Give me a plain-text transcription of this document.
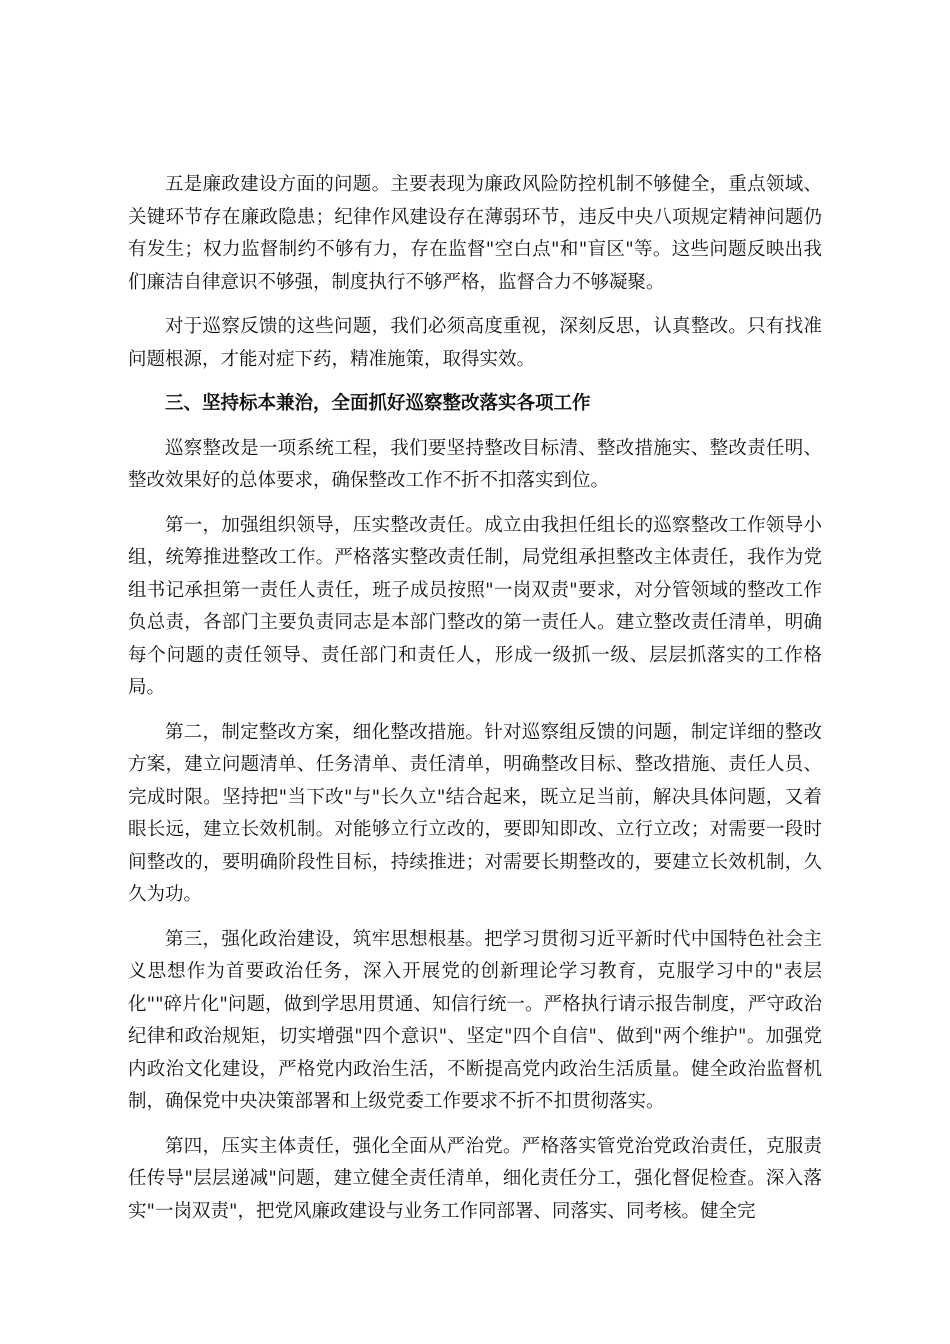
五是廉政建设方面的问题。主要表现为廉政风险防控机制不够健全，重点领域、关键环节存在廉政隐患；纪律作风建设存在薄弱环节，违反中央八项规定精神问题仍有发生；权力监督制约不够有力，存在监督"空白点"和"盲区"等。这些问题反映出我们廉洁自律意识不够强，制度执行不够严格，监督合力不够凝聚。

对于巡察反馈的这些问题，我们必须高度重视，深刻反思，认真整改。只有找准问题根源，才能对症下药，精准施策，取得实效。

三、坚持标本兼治，全面抓好巡察整改落实各项工作

巡察整改是一项系统工程，我们要坚持整改目标清、整改措施实、整改责任明、整改效果好的总体要求，确保整改工作不折不扣落实到位。

第一，加强组织领导，压实整改责任。成立由我担任组长的巡察整改工作领导小组，统筹推进整改工作。严格落实整改责任制，局党组承担整改主体责任，我作为党组书记承担第一责任人责任，班子成员按照"一岗双责"要求，对分管领域的整改工作负总责，各部门主要负责同志是本部门整改的第一责任人。建立整改责任清单，明确每个问题的责任领导、责任部门和责任人，形成一级抓一级、层层抓落实的工作格局。

第二，制定整改方案，细化整改措施。针对巡察组反馈的问题，制定详细的整改方案，建立问题清单、任务清单、责任清单，明确整改目标、整改措施、责任人员、完成时限。坚持把"当下改"与"长久立"结合起来，既立足当前，解决具体问题，又着眼长远，建立长效机制。对能够立行立改的，要即知即改、立行立改；对需要一段时间整改的，要明确阶段性目标，持续推进；对需要长期整改的，要建立长效机制，久久为功。

第三，强化政治建设，筑牢思想根基。把学习贯彻习近平新时代中国特色社会主义思想作为首要政治任务，深入开展党的创新理论学习教育，克服学习中的"表层化""碎片化"问题，做到学思用贯通、知信行统一。严格执行请示报告制度，严守政治纪律和政治规矩，切实增强"四个意识"、坚定"四个自信"、做到"两个维护"。加强党内政治文化建设，严格党内政治生活，不断提高党内政治生活质量。健全政治监督机制，确保党中央决策部署和上级党委工作要求不折不扣贯彻落实。

第四，压实主体责任，强化全面从严治党。严格落实管党治党政治责任，克服责任传导"层层递减"问题，建立健全责任清单，细化责任分工，强化督促检查。深入落实"一岗双责"，把党风廉政建设与业务工作同部署、同落实、同考核。健全完
